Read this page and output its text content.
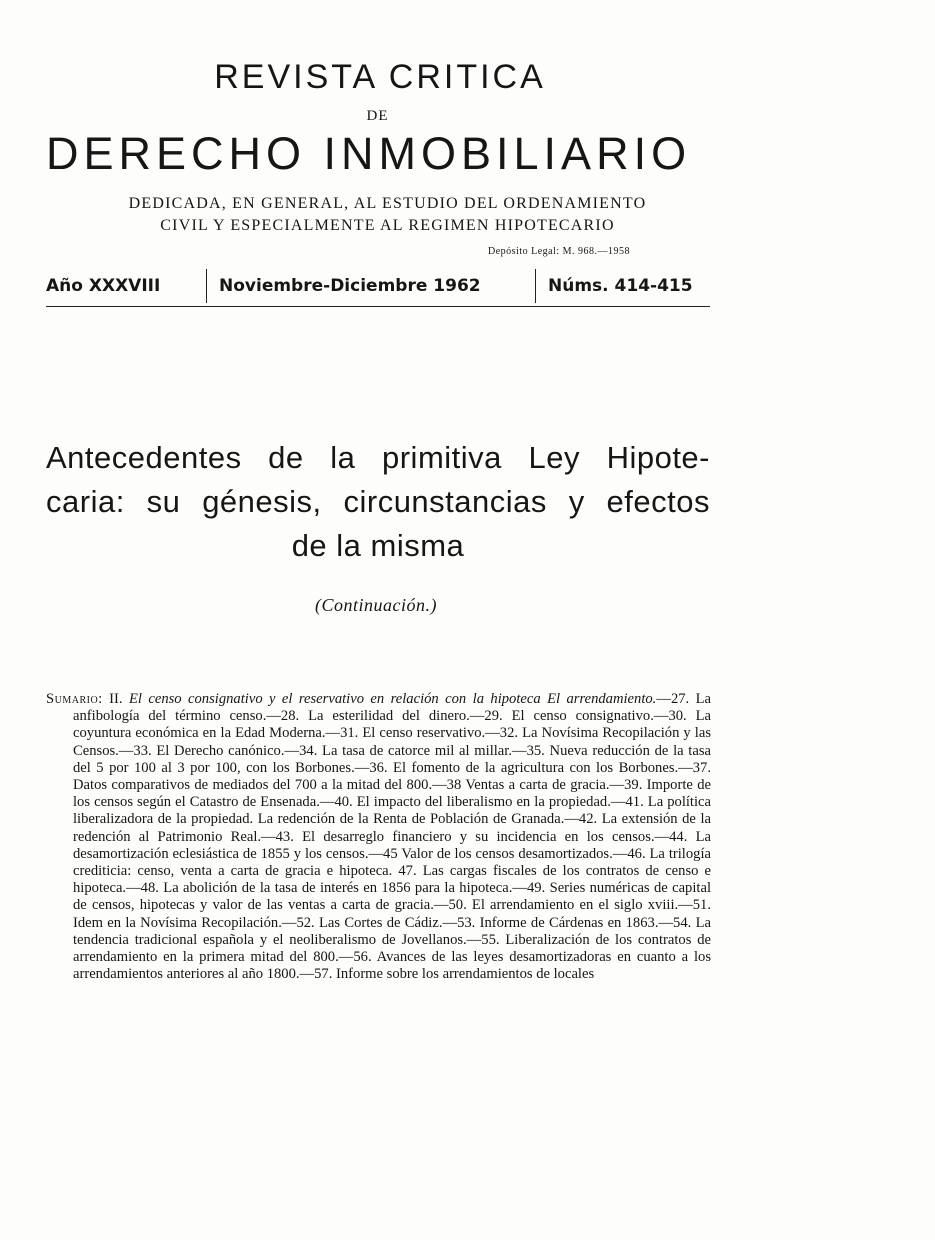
REVISTA CRITICA
DE
DERECHO INMOBILIARIO
DEDICADA, EN GENERAL, AL ESTUDIO DEL ORDENAMIENTO
CIVIL Y ESPECIALMENTE AL REGIMEN HIPOTECARIO
Depósito Legal: M. 968.—1958
Año XXXVIII	Noviembre-Diciembre 1962	Núms. 414-415
Antecedentes de la primitiva Ley Hipote-
caria: su génesis, circunstancias y efectos
de la misma
(Continuación.)
Sumario: II. El censo consignativo y el reservativo en relación con la hipoteca El arrendamiento.—27. La anfibología del término censo.—28. La esterilidad del dinero.—29. El censo consignativo.—30. La coyuntura económica en la Edad Moderna.—31. El censo reservativo.—32. La Novísima Recopilación y las Censos.—33. El Derecho canónico.—34. La tasa de catorce mil al millar.—35. Nueva reducción de la tasa del 5 por 100 al 3 por 100, con los Borbones.—36. El fomento de la agricultura con los Borbones.—37. Datos comparativos de mediados del 700 a la mitad del 800.—38 Ventas a carta de gracia.—39. Importe de los censos según el Catastro de Ensenada.—40. El impacto del liberalismo en la propiedad.—41. La política liberalizadora de la propiedad. La redención de la Renta de Población de Granada.—42. La extensión de la redención al Patrimonio Real.—43. El desarreglo financiero y su incidencia en los censos.—44. La desamortización eclesiástica de 1855 y los censos.—45 Valor de los censos desamortizados.—46. La trilogía crediticia: censo, venta a carta de gracia e hipoteca. 47. Las cargas fiscales de los contratos de censo e hipoteca.—48. La abolición de la tasa de interés en 1856 para la hipoteca.—49. Series numéricas de capital de censos, hipotecas y valor de las ventas a carta de gracia.—50. El arrendamiento en el siglo xviii.—51. Idem en la Novísima Recopilación.—52. Las Cortes de Cádiz.—53. Informe de Cárdenas en 1863.—54. La tendencia tradicional española y el neoliberalismo de Jovellanos.—55. Liberalización de los contratos de arrendamiento en la primera mitad del 800.—56. Avances de las leyes desamortizadoras en cuanto a los arrendamientos anteriores al año 1800.—57. Informe sobre los arrendamientos de locales
